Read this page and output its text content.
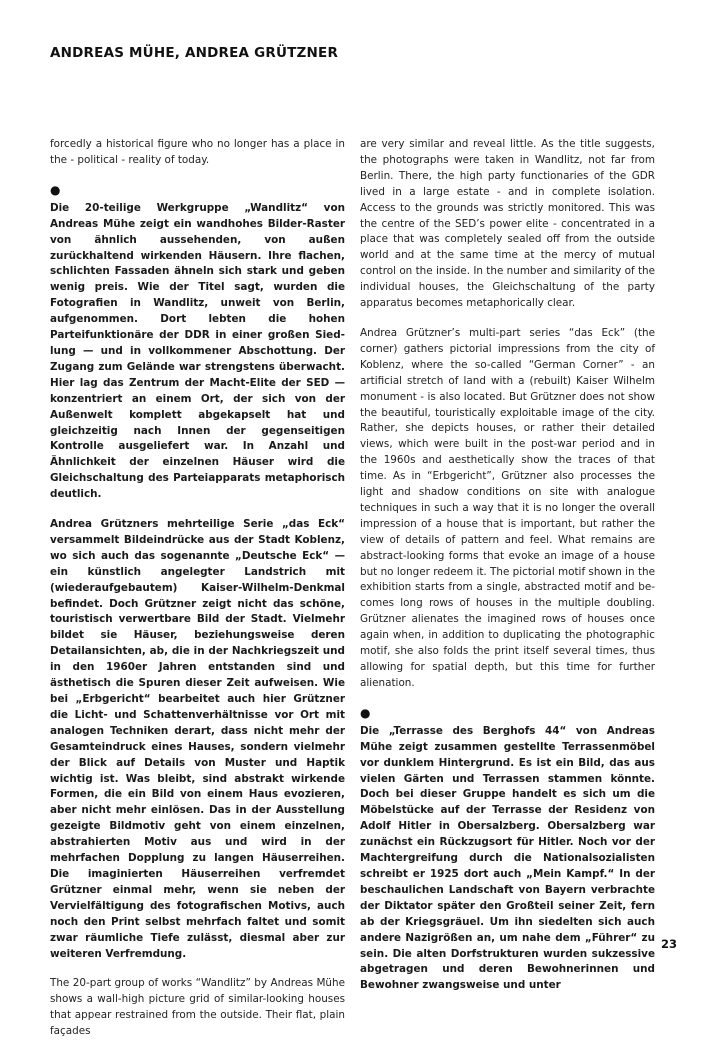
ANDREAS MÜHE, ANDREA GRÜTZNER

forcedly a historical figure who no longer has a place in the - political - reality of today.

●

Die 20-teilige Werkgruppe „Wandlitz“ von Andreas Mühe zeigt ein wandhohes Bilder-Raster von ähnlich aussehenden, von außen zurückhaltend wirkenden Häusern. Ihre flachen, schlichten Fassaden ähneln sich stark und geben wenig preis. Wie der Titel sagt, wurden die Fotografien in Wandlitz, unweit von Berlin, aufgenommen. Dort lebten die hohen Parteifunktionäre der DDR in einer großen Siedlung — und in vollkommener Abschottung. Der Zugang zum Gelände war strengstens überwacht. Hier lag das Zentrum der Macht-Elite der SED — konzentriert an einem Ort, der sich von der Außenwelt komplett abgekapselt hat und gleichzeitig nach Innen der gegenseitigen Kontrolle ausgeliefert war. In Anzahl und Ähnlichkeit der einzelnen Häuser wird die Gleichschaltung des Parteiapparats metaphorisch deutlich.

Andrea Grützners mehrteilige Serie „das Eck“ versammelt Bildeindrücke aus der Stadt Koblenz, wo sich auch das sogenannte „Deutsche Eck“ — ein künstlich angelegter Landstrich mit (wiederaufgebautem) Kaiser-Wilhelm-Denkmal befindet. Doch Grützner zeigt nicht das schöne, touristisch verwertbare Bild der Stadt. Vielmehr bildet sie Häuser, beziehungsweise deren Detailansichten, ab, die in der Nachkriegszeit und in den 1960er Jahren entstanden sind und ästhetisch die Spuren dieser Zeit aufweisen. Wie bei „Erbgericht“ bearbeitet auch hier Grützner die Licht- und Schattenverhältnisse vor Ort mit analogen Techniken derart, dass nicht mehr der Gesamteindruck eines Hauses, sondern vielmehr der Blick auf Details von Muster und Haptik wichtig ist. Was bleibt, sind abstrakt wirkende Formen, die ein Bild von einem Haus evozieren, aber nicht mehr einlösen. Das in der Ausstellung gezeigte Bildmotiv geht von einem einzelnen, abstrahierten Motiv aus und wird in der mehrfachen Dopplung zu langen Häuserreihen. Die imaginierten Häuserreihen verfremdet Grützner einmal mehr, wenn sie neben der Vervielfältigung des fotografischen Motivs, auch noch den Print selbst mehrfach faltet und somit zwar räumliche Tiefe zulässt, diesmal aber zur weiteren Verfremdung.

The 20-part group of works “Wandlitz” by Andreas Mühe shows a wall-high picture grid of similar-looking houses that appear restrained from the outside. Their flat, plain façades

are very similar and reveal little. As the title suggests, the photographs were taken in Wandlitz, not far from Berlin. There, the high party functionaries of the GDR lived in a large estate - and in complete isolation. Access to the grounds was strictly monitored. This was the centre of the SED’s power elite - concentrated in a place that was completely sealed off from the outside world and at the same time at the mercy of mutual control on the inside. In the number and similarity of the individual houses, the Gleichschaltung of the party apparatus becomes metaphorically clear.

Andrea Grützner’s multi-part series “das Eck” (the corner) gathers pictorial impressions from the city of Koblenz, where the so-called “German Corner” - an artificial stretch of land with a (rebuilt) Kaiser Wilhelm monument - is also located. But Grützner does not show the beautiful, touristically exploitable image of the city. Rather, she depicts houses, or rather their detailed views, which were built in the post-war period and in the 1960s and aesthetically show the traces of that time. As in “Erbgericht”, Grützner also processes the light and shadow conditions on site with analogue techniques in such a way that it is no longer the overall impression of a house that is important, but rather the view of details of pattern and feel. What remains are abstract-looking forms that evoke an image of a house but no longer redeem it. The pictorial motif shown in the exhibition starts from a single, abstracted motif and becomes long rows of houses in the multiple doubling. Grützner alienates the imagined rows of houses once again when, in addition to duplicating the photographic motif, she also folds the print itself several times, thus allowing for spatial depth, but this time for further alienation.

●

Die „Terrasse des Berghofs 44“ von Andreas Mühe zeigt zusammen gestellte Terrassenmöbel vor dunklem Hintergrund. Es ist ein Bild, das aus vielen Gärten und Terrassen stammen könnte. Doch bei dieser Gruppe handelt es sich um die Möbelstücke auf der Terrasse der Residenz von Adolf Hitler in Obersalzberg. Obersalzberg war zunächst ein Rückzugsort für Hitler. Noch vor der Machtergreifung durch die Nationalsozialisten schreibt er 1925 dort auch „Mein Kampf.“ In der beschaulichen Landschaft von Bayern verbrachte der Diktator später den Großteil seiner Zeit, fern ab der Kriegsgräuel. Um ihn siedelten sich auch andere Nazigrößen an, um nahe dem „Führer“ zu sein. Die alten Dorfstrukturen wurden sukzessive abgetragen und deren Bewohnerinnen und Bewohner zwangsweise und unter

23
